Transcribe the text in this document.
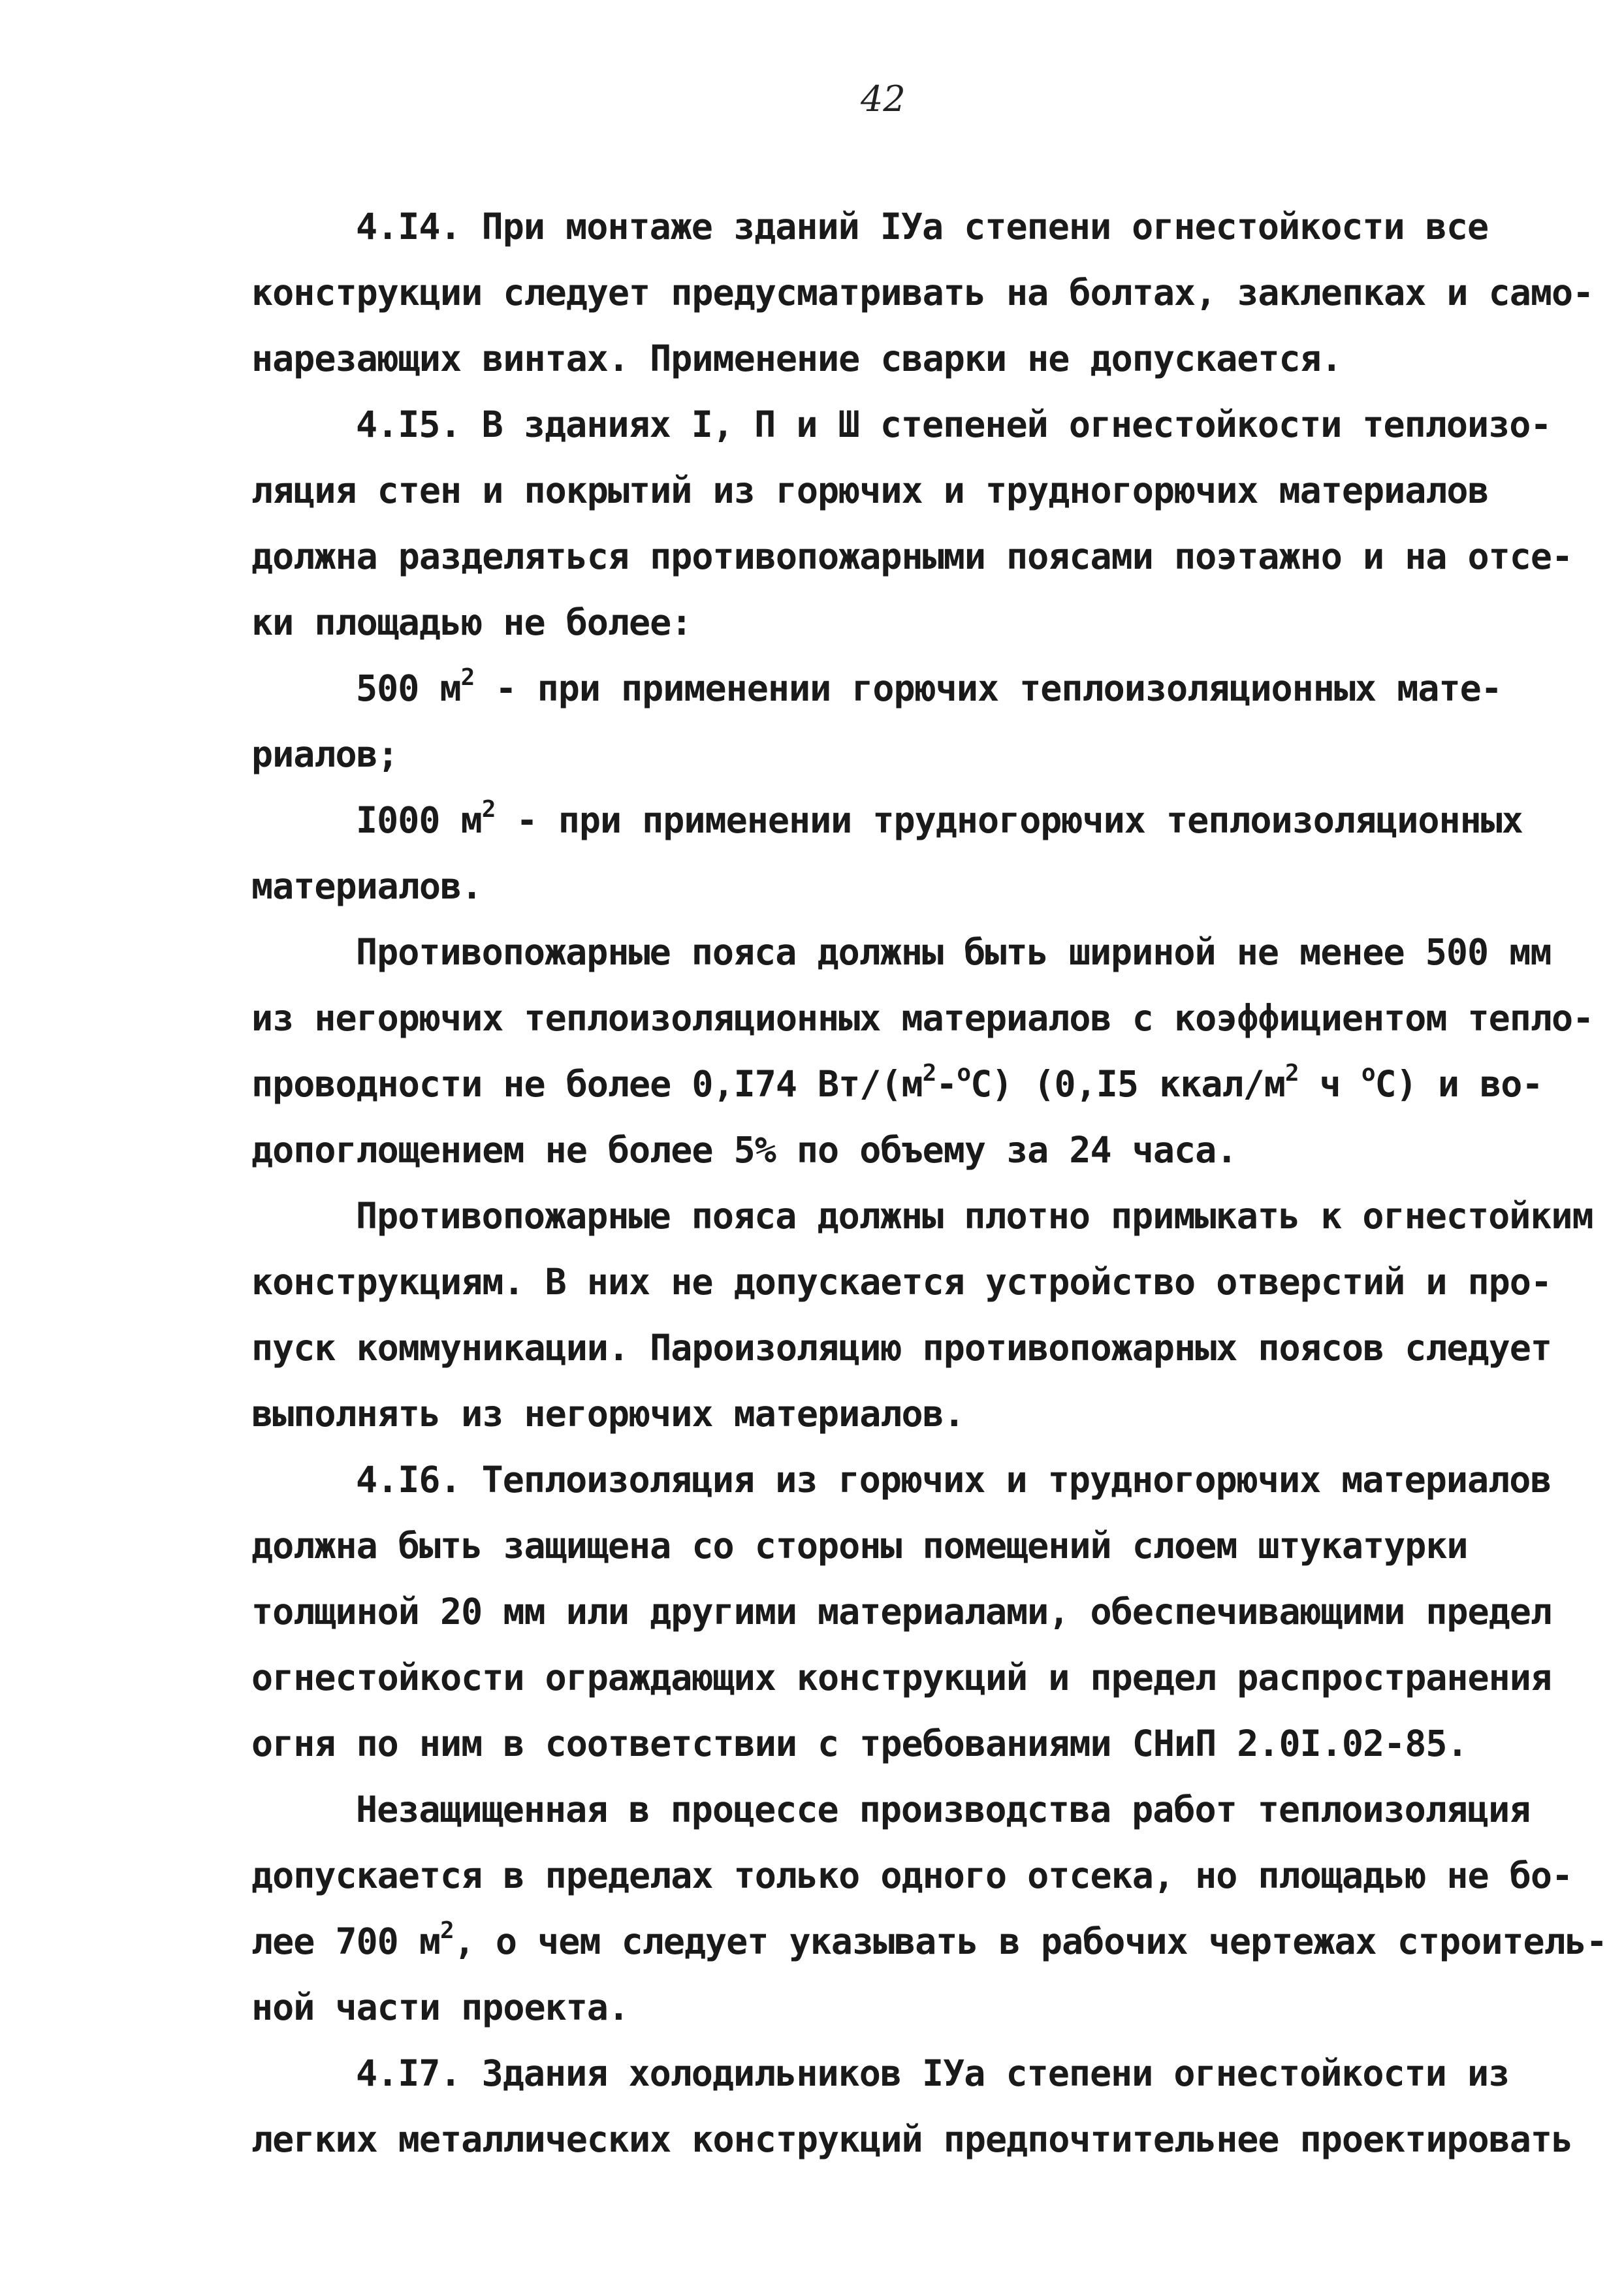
42
4.I4. При монтаже зданий IУа степени огнестойкости все
конструкции следует предусматривать на болтах, заклепках и само-
нарезающих винтах. Применение сварки не допускается.
4.I5. В зданиях I, П и Ш степеней огнестойкости теплоизо-
ляция стен и покрытий из горючих и трудногорючих материалов
должна разделяться противопожарными поясами поэтажно и на отсе-
ки площадью не более:
500 $м^2$ - при применении горючих теплоизоляционных мате-
риалов;
I000 $м^2$ - при применении трудногорючих теплоизоляционных
материалов.
Противопожарные пояса должны быть шириной не менее 500 мм
из негорючих теплоизоляционных материалов с коэффициентом тепло-
проводности не более 0,I74 $Вт/(м^2-^oC)$ (0,I5 ккал/$м^2$ ч $^o$C) и во-
допоглощением не более 5% по объему за 24 часа.
Противопожарные пояса должны плотно примыкать к огнестойким
конструкциям. В них не допускается устройство отверстий и про-
пуск коммуникации. Пароизоляцию противопожарных поясов следует
выполнять из негорючих материалов.
4.I6. Теплоизоляция из горючих и трудногорючих материалов
должна быть защищена со стороны помещений слоем штукатурки
толщиной 20 мм или другими материалами, обеспечивающими предел
огнестойкости ограждающих конструкций и предел распространения
огня по ним в соответствии с требованиями СНиП 2.0I.02-85.
Незащищенная в процессе производства работ теплоизоляция
допускается в пределах только одного отсека, но площадью не бо-
лее 700 $м^2$, о чем следует указывать в рабочих чертежах строитель-
ной части проекта.
4.I7. Здания холодильников IУа степени огнестойкости из
легких металлических конструкций предпочтительнее проектировать
